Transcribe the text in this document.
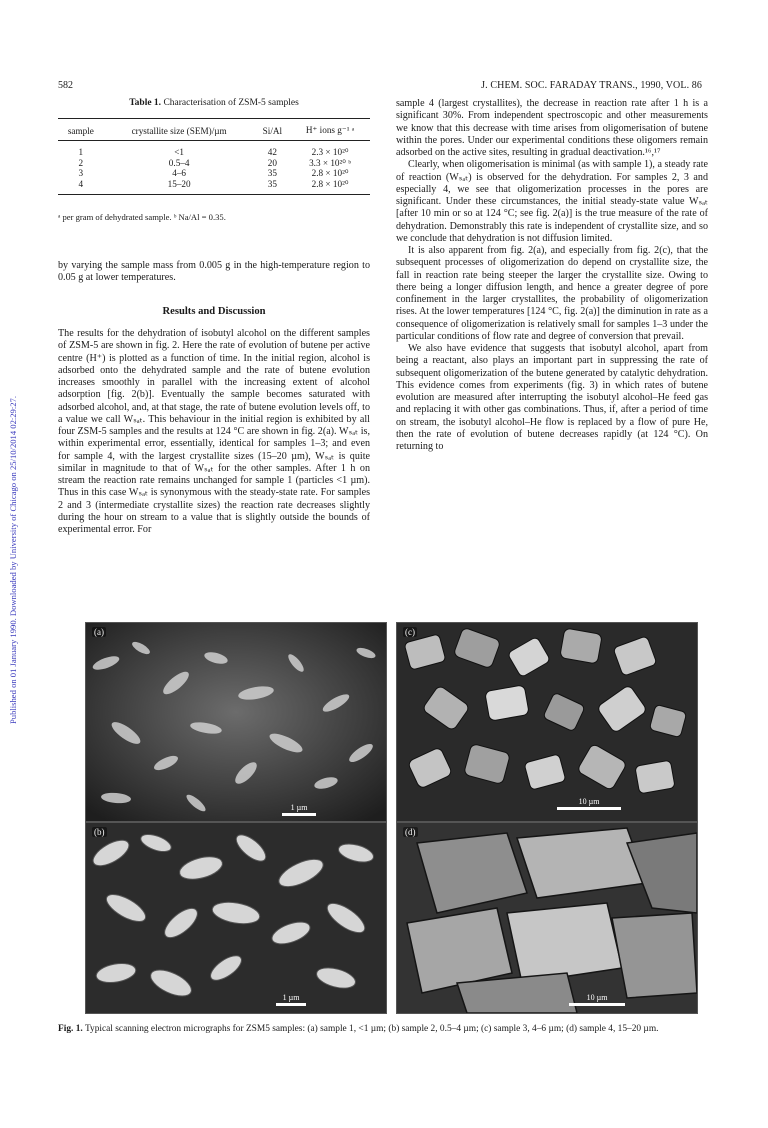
Published on 01 January 1990. Downloaded by University of Chicago on 25/10/2014 02:29:27.
582	J. CHEM. SOC. FARADAY TRANS., 1990, VOL. 86
Table 1. Characterisation of ZSM-5 samples
sample	crystallite size (SEM)/µm	Si/Al	H⁺ ions g⁻¹ ᵃ
1	<1	42	2.3 × 10²⁰
2	0.5–4	20	3.3 × 10²⁰ ᵇ
3	4–6	35	2.8 × 10²⁰
4	15–20	35	2.8 × 10²⁰
ᵃ per gram of dehydrated sample. ᵇ Na/Al = 0.35.

by varying the sample mass from 0.005 g in the high-temperature region to 0.05 g at lower temperatures.

Results and Discussion

The results for the dehydration of isobutyl alcohol on the different samples of ZSM-5 are shown in fig. 2. Here the rate of evolution of butene per active centre (H⁺) is plotted as a function of time. In the initial region, alcohol is adsorbed onto the dehydrated sample and the rate of butene evolution increases smoothly in parallel with the increasing extent of alcohol adsorption [fig. 2(b)]. Eventually the sample becomes saturated with adsorbed alcohol, and, at that stage, the rate of butene evolution levels off, to a value we call Wₛₐₜ. This behaviour in the initial region is exhibited by all four ZSM-5 samples and the results at 124 °C are shown in fig. 2(a). Wₛₐₜ is, within experimental error, essentially, identical for samples 1–3; and even for sample 4, with the largest crystallite sizes (15–20 µm), Wₛₐₜ is quite similar in magnitude to that of Wₛₐₜ for the other samples. After 1 h on stream the reaction rate remains unchanged for sample 1 (particles <1 µm). Thus in this case Wₛₐₜ is synonymous with the steady-state rate. For samples 2 and 3 (intermediate crystallite sizes) the reaction rate decreases slightly during the hour on stream to a value that is slightly outside the bounds of experimental error. For

sample 4 (largest crystallites), the decrease in reaction rate after 1 h is a significant 30%. From independent spectroscopic and other measurements we know that this decrease with time arises from oligomerisation of butene within the pores. Under our experimental conditions these oligomers remain adsorbed on the active sites, resulting in gradual deactivation.¹⁶,¹⁷

Clearly, when oligomerisation is minimal (as with sample 1), a steady rate of reaction (Wₛₐₜ) is observed for the dehydration. For samples 2, 3 and especially 4, we see that oligomerization processes in the pores are significant. Under these circumstances, the initial steady-state value Wₛₐₜ [after 10 min or so at 124 °C; see fig. 2(a)] is the true measure of the rate of dehydration. Demonstrably this rate is independent of crystallite size, and so we conclude that dehydration is not diffusion limited.

It is also apparent from fig. 2(a), and especially from fig. 2(c), that the subsequent processes of oligomerization do depend on crystallite size, the fall in reaction rate being steeper the larger the crystallite size. Owing to there being a longer diffusion length, and hence a greater degree of pore confinement in the larger crystallites, the probability of oligomerization rises. At the lower temperatures [124 °C, fig. 2(a)] the diminution in rate as a consequence of oligomerization is relatively small for samples 1–3 under the particular conditions of flow rate and degree of conversion that prevail.

We also have evidence that suggests that isobutyl alcohol, apart from being a reactant, also plays an important part in suppressing the rate of subsequent oligomerization of the butene generated by catalytic dehydration. This evidence comes from experiments (fig. 3) in which rates of butene evolution are measured after interrupting the isobutyl alcohol–He feed gas and replacing it with other gas combinations. Thus, if, after a period of time on stream, the isobutyl alcohol–He flow is replaced by a flow of pure He, then the rate of evolution of butene decreases rapidly (at 124 °C). On returning to

(a)
1 µm
(c)
10 µm
(b)
1 µm
(d)
10 µm
Fig. 1. Typical scanning electron micrographs for ZSM5 samples: (a) sample 1, <1 µm; (b) sample 2, 0.5–4 µm; (c) sample 3, 4–6 µm; (d) sample 4, 15–20 µm.
